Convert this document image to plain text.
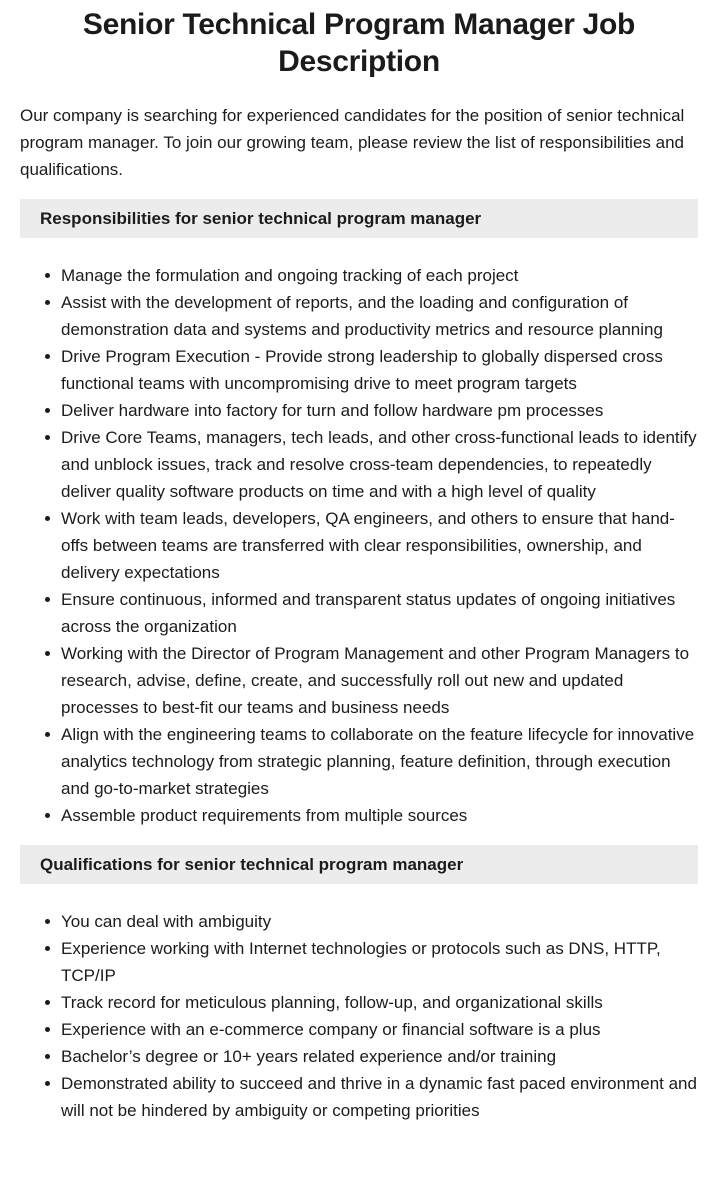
Senior Technical Program Manager Job Description

Our company is searching for experienced candidates for the position of senior technical program manager. To join our growing team, please review the list of responsibilities and qualifications.

Responsibilities for senior technical program manager
Manage the formulation and ongoing tracking of each project
Assist with the development of reports, and the loading and configuration of demonstration data and systems and productivity metrics and resource planning
Drive Program Execution - Provide strong leadership to globally dispersed cross functional teams with uncompromising drive to meet program targets
Deliver hardware into factory for turn and follow hardware pm processes
Drive Core Teams, managers, tech leads, and other cross-functional leads to identify and unblock issues, track and resolve cross-team dependencies, to repeatedly deliver quality software products on time and with a high level of quality
Work with team leads, developers, QA engineers, and others to ensure that hand-offs between teams are transferred with clear responsibilities, ownership, and delivery expectations
Ensure continuous, informed and transparent status updates of ongoing initiatives across the organization
Working with the Director of Program Management and other Program Managers to research, advise, define, create, and successfully roll out new and updated processes to best-fit our teams and business needs
Align with the engineering teams to collaborate on the feature lifecycle for innovative analytics technology from strategic planning, feature definition, through execution and go-to-market strategies
Assemble product requirements from multiple sources
Qualifications for senior technical program manager
You can deal with ambiguity
Experience working with Internet technologies or protocols such as DNS, HTTP, TCP/IP
Track record for meticulous planning, follow-up, and organizational skills
Experience with an e-commerce company or financial software is a plus
Bachelor’s degree or 10+ years related experience and/or training
Demonstrated ability to succeed and thrive in a dynamic fast paced environment and will not be hindered by ambiguity or competing priorities
